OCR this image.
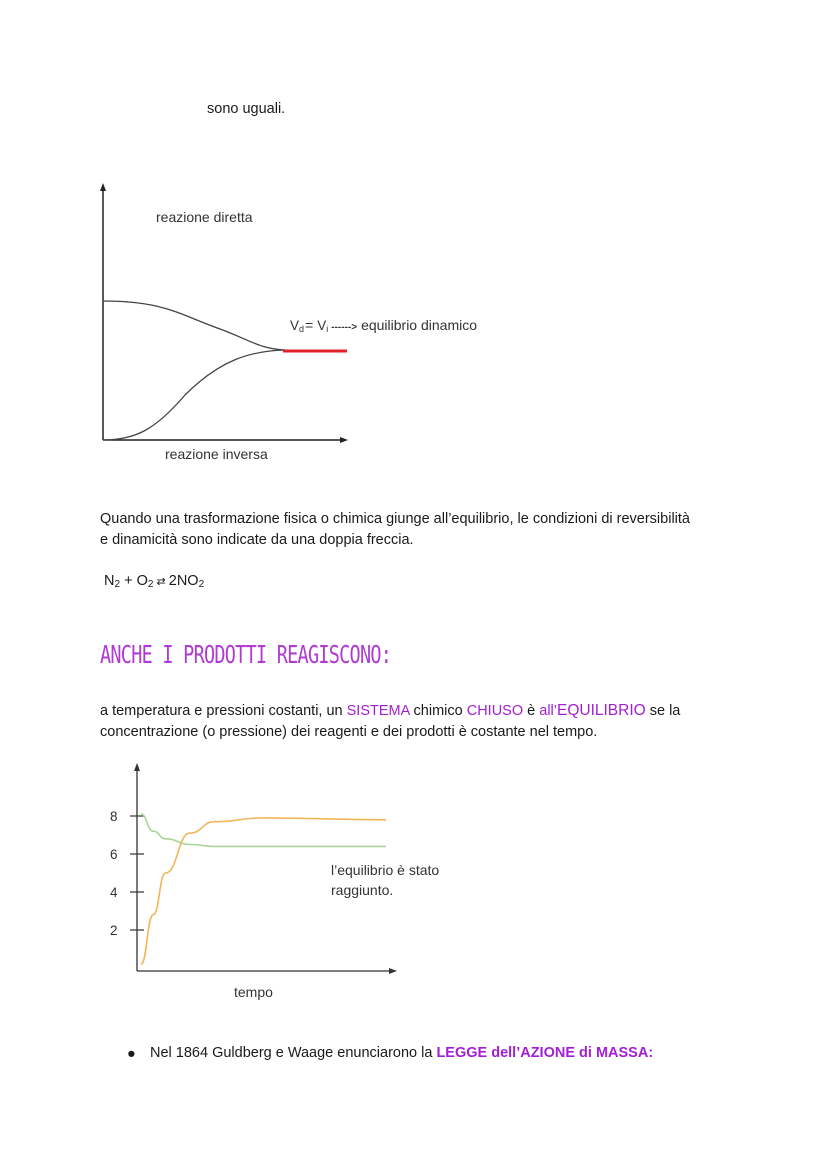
sono uguali.
reazione diretta
reazione inversa
Vd= Vi ------> equilibrio dinamico
Quando una trasformazione fisica o chimica giunge all’equilibrio, le condizioni di reversibilità
e dinamicità sono indicate da una doppia freccia.
$N_2 + O_2$ ⇄ $2NO_2$
ANCHE I PRODOTTI REAGISCONO:
a temperatura e pressioni costanti, un SISTEMA chimico CHIUSO è all’EQUILIBRIO se la
concentrazione (o pressione) dei reagenti e dei prodotti è costante nel tempo.
8
6
4
2
l’equilibrio è stato
raggiunto.
tempo
● Nel 1864 Guldberg e Waage enunciarono la LEGGE dell’AZIONE di MASSA:
